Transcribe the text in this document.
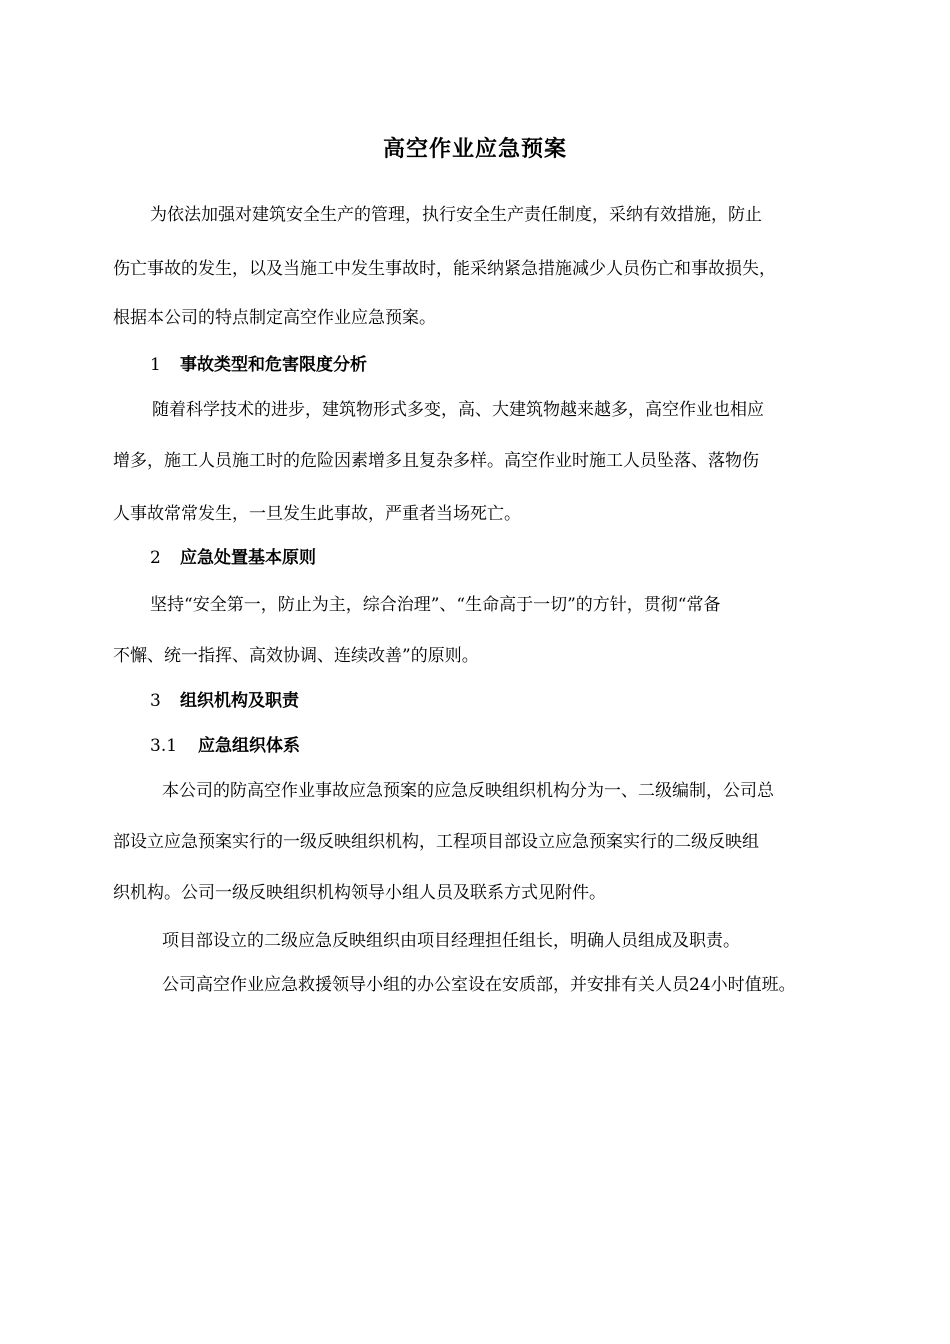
高空作业应急预案
为依法加强对建筑安全生产的管理，执行安全生产责任制度，采纳有效措施，防止
伤亡事故的发生，以及当施工中发生事故时，能采纳紧急措施减少人员伤亡和事故损失，
根据本公司的特点制定高空作业应急预案。
1 事故类型和危害限度分析
随着科学技术的进步，建筑物形式多变，高、大建筑物越来越多，高空作业也相应
增多，施工人员施工时的危险因素增多且复杂多样。高空作业时施工人员坠落、落物伤
人事故常常发生，一旦发生此事故，严重者当场死亡。
2 应急处置基本原则
坚持“安全第一，防止为主，综合治理”、“生命高于一切”的方针，贯彻“常备
不懈、统一指挥、高效协调、连续改善”的原则。
3 组织机构及职责
3.1 应急组织体系
本公司的防高空作业事故应急预案的应急反映组织机构分为一、二级编制，公司总
部设立应急预案实行的一级反映组织机构，工程项目部设立应急预案实行的二级反映组
织机构。公司一级反映组织机构领导小组人员及联系方式见附件。
项目部设立的二级应急反映组织由项目经理担任组长，明确人员组成及职责。
公司高空作业应急救援领导小组的办公室设在安质部，并安排有关人员24小时值班。
